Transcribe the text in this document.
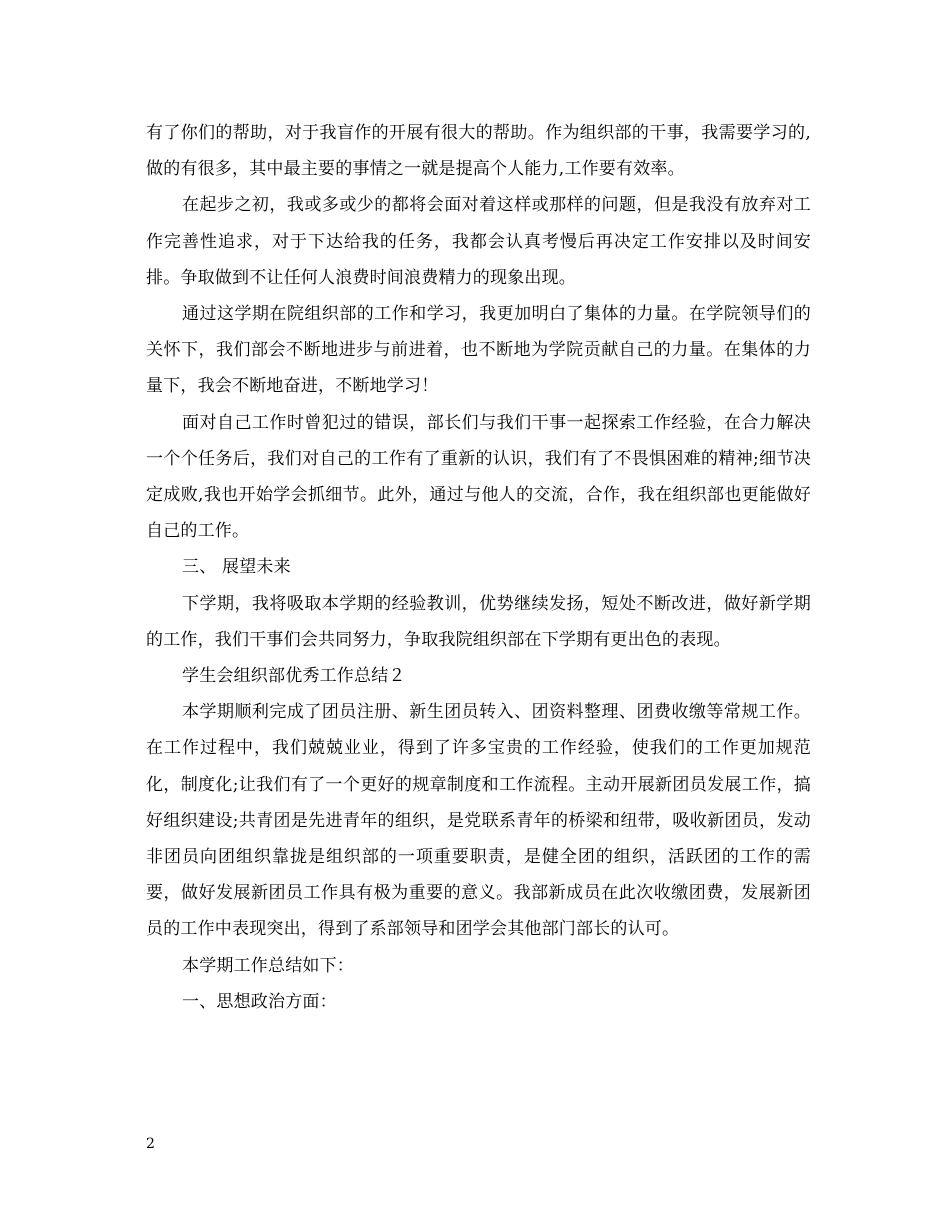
有了你们的帮助，对于我盲作的开展有很大的帮助。作为组织部的干事，我需要学习的,做的有很多，其中最主要的事情之一就是提高个人能力,工作要有效率。

在起步之初，我或多或少的都将会面对着这样或那样的问题，但是我没有放弃对工作完善性追求，对于下达给我的任务，我都会认真考慢后再决定工作安排以及时间安排。争取做到不让任何人浪费时间浪费精力的现象出现。

通过这学期在院组织部的工作和学习，我更加明白了集体的力量。在学院领导们的关怀下，我们部会不断地进步与前进着，也不断地为学院贡献自己的力量。在集体的力量下，我会不断地奋进，不断地学习！

面对自己工作时曾犯过的错误，部长们与我们干事一起探索工作经验，在合力解决一个个任务后，我们对自己的工作有了重新的认识，我们有了不畏惧困难的精神;细节决定成败,我也开始学会抓细节。此外，通过与他人的交流，合作，我在组织部也更能做好自己的工作。

三、 展望未来

下学期，我将吸取本学期的经验教训，优势继续发扬，短处不断改进，做好新学期的工作，我们干事们会共同努力，争取我院组织部在下学期有更出色的表现。

学生会组织部优秀工作总结２

本学期顺利完成了团员注册、新生团员转入、团资料整理、团费收缴等常规工作。在工作过程中，我们兢兢业业，得到了许多宝贵的工作经验，使我们的工作更加规范化，制度化;让我们有了一个更好的规章制度和工作流程。主动开展新团员发展工作，搞好组织建设;共青团是先进青年的组织，是党联系青年的桥梁和纽带，吸收新团员，发动非团员向团组织靠拢是组织部的一项重要职责，是健全团的组织，活跃团的工作的需要，做好发展新团员工作具有极为重要的意义。我部新成员在此次收缴团费，发展新团员的工作中表现突出，得到了系部领导和团学会其他部门部长的认可。

本学期工作总结如下：

一、思想政治方面：

2
